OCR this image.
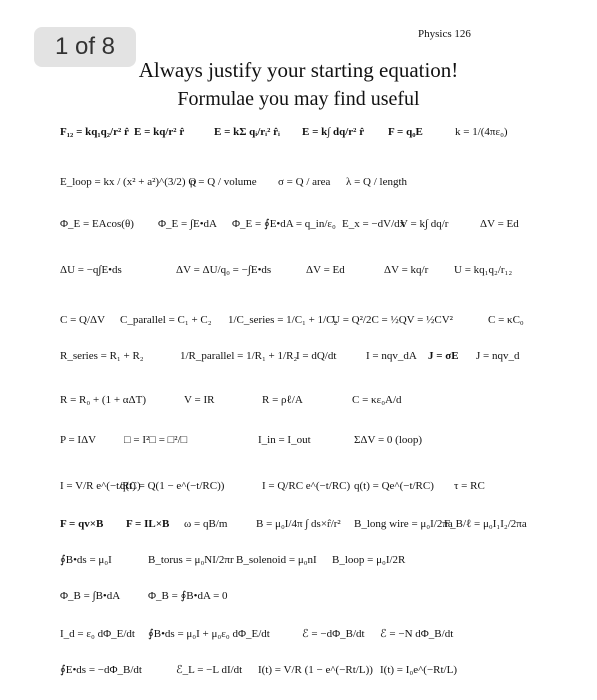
1 of 8	Physics 126
Always justify your starting equation!
Formulae you may find useful
F₁₂ = kq₁q₂/r² r̂ E = kq/r² r̂	E = kΣ qᵢ/rᵢ² r̂ᵢ E = k∫ dq/r² r̂ F = q₀E	k = 1/(4πε₀)
E_loop = kx / (x² + a²)^(3/2) Q
ρ = Q / volume σ = Q / area λ = Q / length
Φ_E = EAcos(θ) Φ_E = ∫E•dA Φ_E = ∮E•dA = q_in/ε₀ E_x = −dV/dx
V = k∫ dq/r	ΔV = Ed
ΔU = −q∫E•ds	ΔV = ΔU/q₀ = −∫E•ds	ΔV = Ed	ΔV = kq/r U = kq₁q₂/r₁₂
C = Q/ΔV C_parallel = C₁ + C₂ 1/C_series = 1/C₁ + 1/C₂
U = Q²/2C = ½QV = ½CV²	C = κC₀
R_series = R₁ + R₂	1/R_parallel = 1/R₁ + 1/R₂
I = dQ/dt	I = nqv_dA J = σE J = nqv_d
R = R₀ + (1 + αΔT)	V = IR	R = ρℓ/A	C = κε₀A/d
P = IΔV	□ = I²□ = □²/□	I_in = I_out	ΣΔV = 0 (loop)
I = V/R e^(−t/RC)
q(t) = Q(1 − e^(−t/RC))	I = Q/RC e^(−t/RC) q(t) = Qe^(−t/RC) τ = RC
F = qv×B F = IL×B ω = qB/m	B = μ₀I/4π ∫ ds×r̂/r² B_long wire = μ₀I/2πa
F_B/ℓ = μ₀I₁I₂/2πa
∮B•ds = μ₀I	B_torus = μ₀NI/2πr B_solenoid = μ₀nI B_loop = μ₀I/2R
Φ_B = ∫B•dA	Φ_B = ∮B•dA = 0
I_d = ε₀ dΦ_E/dt ∮B•ds = μ₀I + μ₀ε₀ dΦ_E/dt	ℰ = −dΦ_B/dt ℰ = −N dΦ_B/dt
∮E•ds = −dΦ_B/dt	ℰ_L = −L dI/dt I(t) = V/R (1 − e^(−Rt/L)) I(t) = I₀e^(−Rt/L)
